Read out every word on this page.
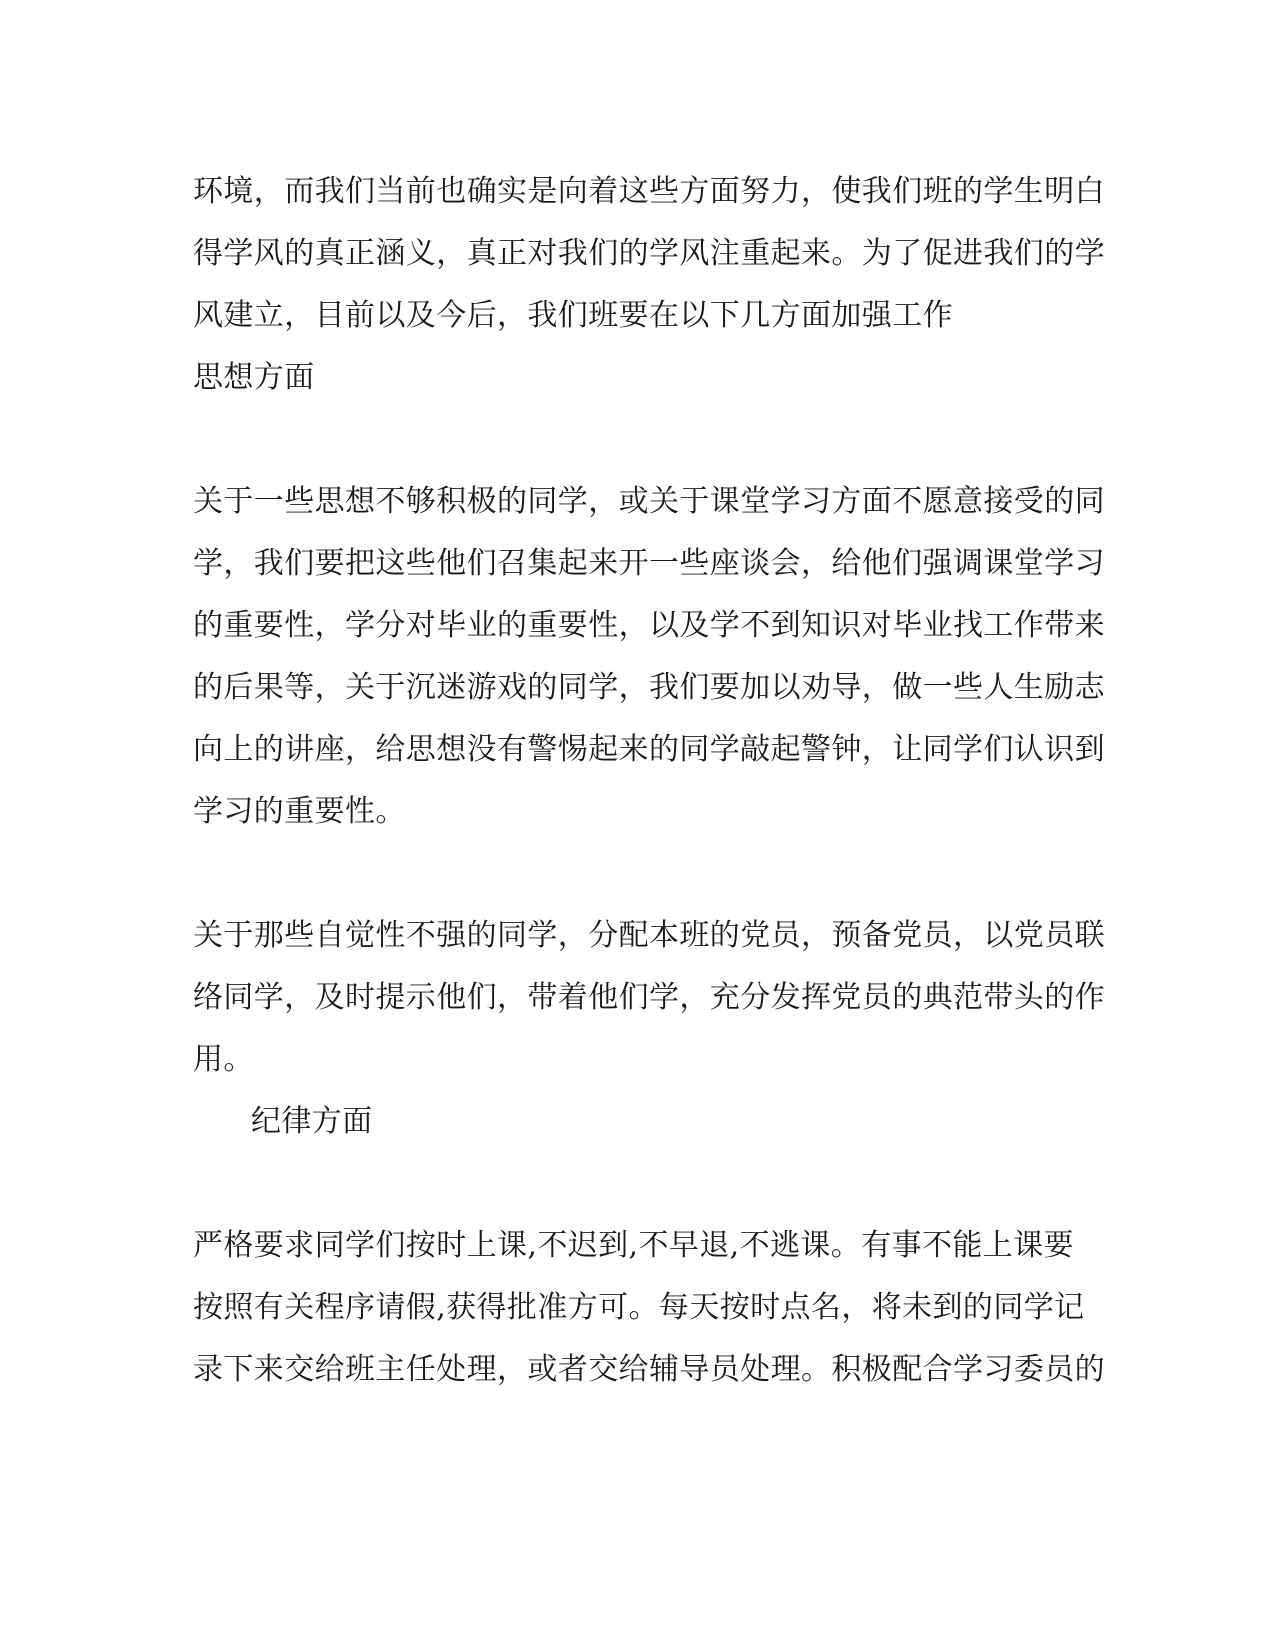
环境，而我们当前也确实是向着这些方面努力，使我们班的学生明白
得学风的真正涵义，真正对我们的学风注重起来。为了促进我们的学
风建立，目前以及今后，我们班要在以下几方面加强工作
思想方面
关于一些思想不够积极的同学，或关于课堂学习方面不愿意接受的同
学，我们要把这些他们召集起来开一些座谈会，给他们强调课堂学习
的重要性，学分对毕业的重要性，以及学不到知识对毕业找工作带来
的后果等，关于沉迷游戏的同学，我们要加以劝导，做一些人生励志
向上的讲座，给思想没有警惕起来的同学敲起警钟，让同学们认识到
学习的重要性。
关于那些自觉性不强的同学，分配本班的党员，预备党员，以党员联
络同学，及时提示他们，带着他们学，充分发挥党员的典范带头的作
用。
纪律方面
严格要求同学们按时上课,不迟到,不早退,不逃课。有事不能上课要
按照有关程序请假,获得批准方可。每天按时点名，将未到的同学记
录下来交给班主任处理，或者交给辅导员处理。积极配合学习委员的
